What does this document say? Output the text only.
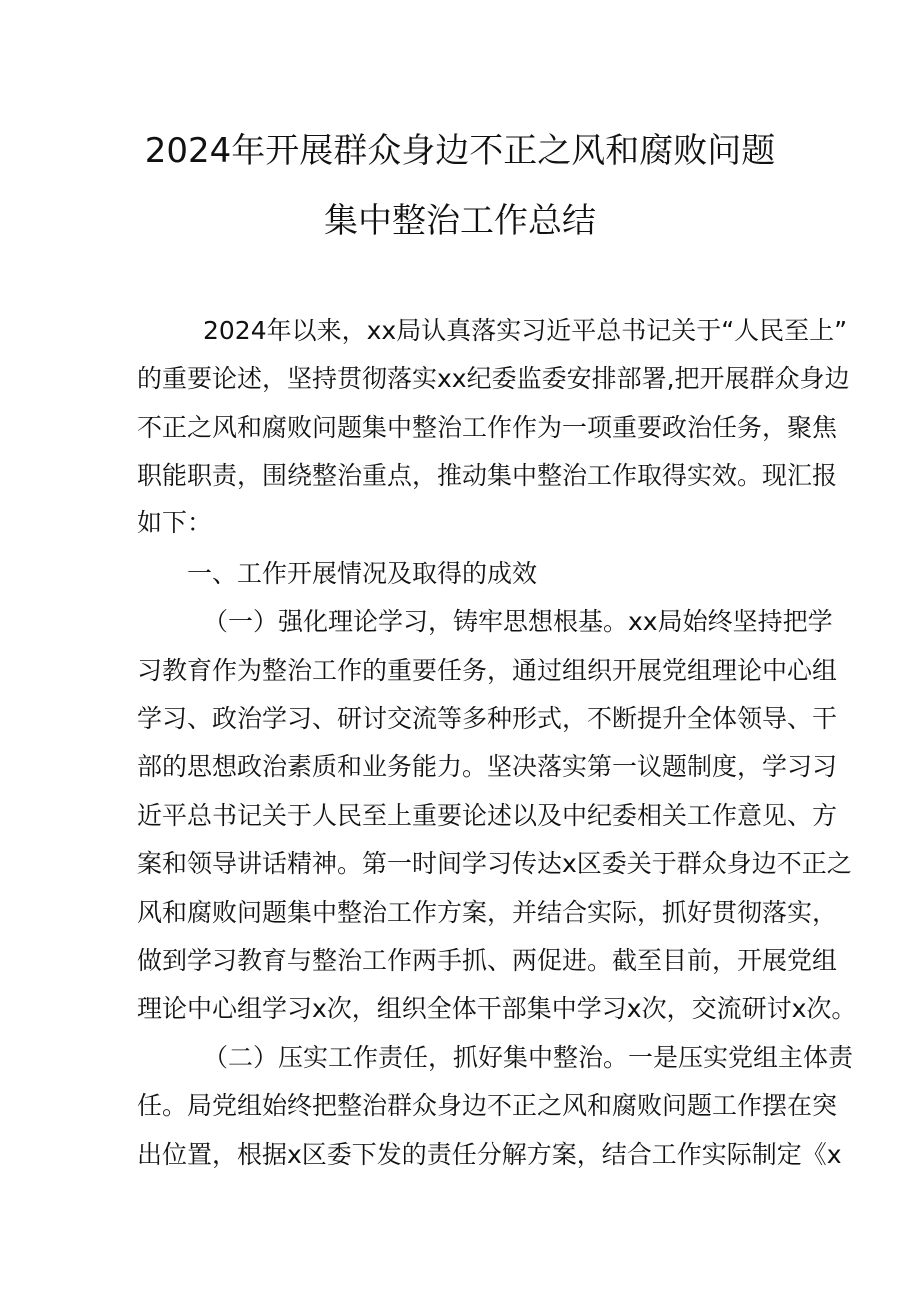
2024年开展群众身边不正之风和腐败问题
集中整治工作总结
2024年以来，xx局认真落实习近平总书记关于“人民至上”
的重要论述，坚持贯彻落实xx纪委监委安排部署,把开展群众身边
不正之风和腐败问题集中整治工作作为一项重要政治任务，聚焦
职能职责，围绕整治重点，推动集中整治工作取得实效。现汇报
如下：
一、工作开展情况及取得的成效
（一）强化理论学习，铸牢思想根基。xx局始终坚持把学
习教育作为整治工作的重要任务，通过组织开展党组理论中心组
学习、政治学习、研讨交流等多种形式，不断提升全体领导、干
部的思想政治素质和业务能力。坚决落实第一议题制度，学习习
近平总书记关于人民至上重要论述以及中纪委相关工作意见、方
案和领导讲话精神。第一时间学习传达x区委关于群众身边不正之
风和腐败问题集中整治工作方案，并结合实际，抓好贯彻落实，
做到学习教育与整治工作两手抓、两促进。截至目前，开展党组
理论中心组学习x次，组织全体干部集中学习x次，交流研讨x次。
（二）压实工作责任，抓好集中整治。一是压实党组主体责
任。局党组始终把整治群众身边不正之风和腐败问题工作摆在突
出位置，根据x区委下发的责任分解方案，结合工作实际制定《x
